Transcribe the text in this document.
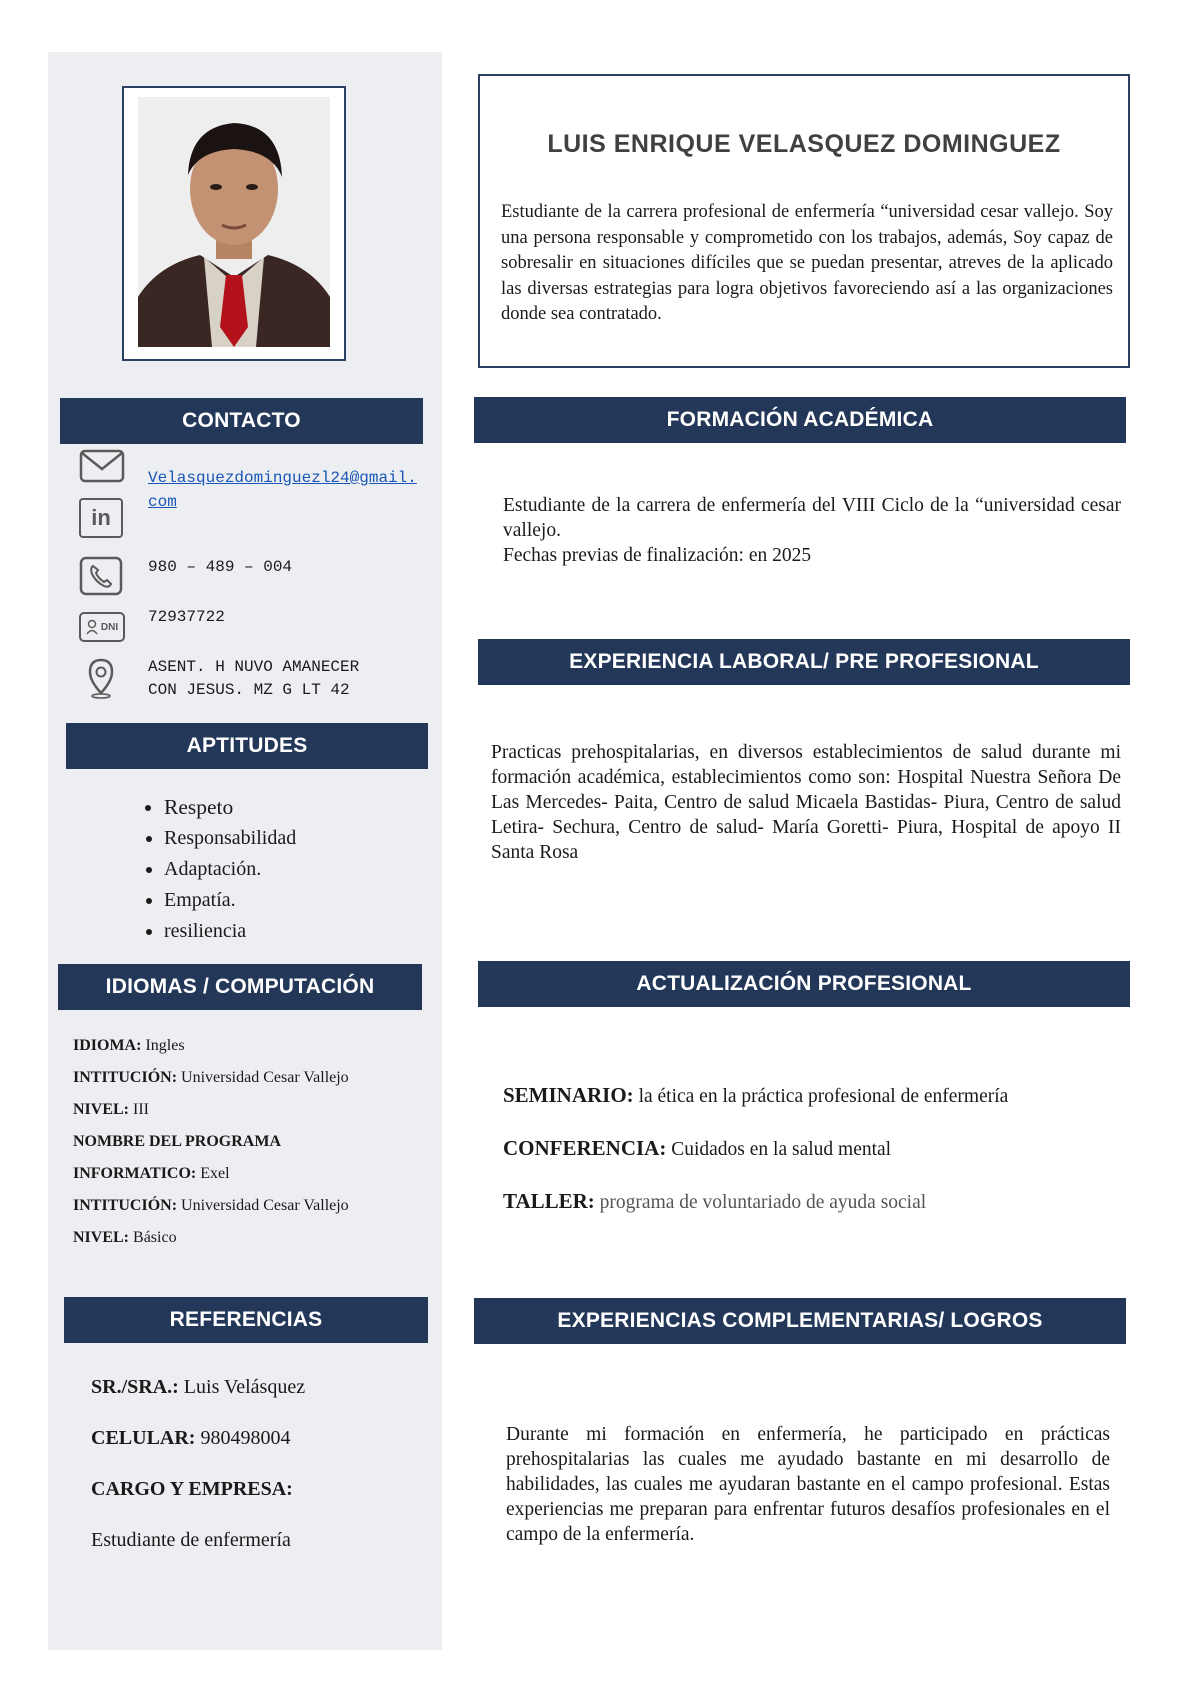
CONTACTO
Velasquezdominguezl24@gmail.com
in
980 – 489 – 004
DNI
72937722
ASENT. H NUVO AMANECER
CON JESUS. MZ G LT 42
APTITUDES
• Respeto
• Responsabilidad
• Adaptación.
• Empatía.
• resiliencia
IDIOMAS / COMPUTACIÓN

IDIOMA: Ingles

INTITUCIÓN: Universidad Cesar Vallejo

NIVEL: III

NOMBRE DEL PROGRAMA

INFORMATICO: Exel

INTITUCIÓN: Universidad Cesar Vallejo

NIVEL: Básico

REFERENCIAS

SR./SRA.: Luis Velásquez

CELULAR: 980498004

CARGO Y EMPRESA:

Estudiante de enfermería

LUIS ENRIQUE VELASQUEZ DOMINGUEZ
Estudiante de la carrera profesional de enfermería “universidad cesar vallejo. Soy una persona responsable y comprometido con los trabajos, además, Soy capaz de sobresalir en situaciones difíciles que se puedan presentar, atreves de la aplicado las diversas estrategias para logra objetivos favoreciendo así a las organizaciones donde sea contratado.
FORMACIÓN ACADÉMICA
Estudiante de la carrera de enfermería del VIII Ciclo de la “universidad cesar vallejo.
Fechas previas de finalización: en 2025
EXPERIENCIA LABORAL/ PRE PROFESIONAL
Practicas prehospitalarias, en diversos establecimientos de salud durante mi formación académica, establecimientos como son: Hospital Nuestra Señora De Las Mercedes- Paita, Centro de salud Micaela Bastidas- Piura, Centro de salud Letira- Sechura, Centro de salud- María Goretti- Piura, Hospital de apoyo II Santa Rosa
ACTUALIZACIÓN PROFESIONAL
SEMINARIO: la ética en la práctica profesional de enfermería
CONFERENCIA: Cuidados en la salud mental
TALLER: programa de voluntariado de ayuda social
EXPERIENCIAS COMPLEMENTARIAS/ LOGROS
Durante mi formación en enfermería, he participado en prácticas prehospitalarias las cuales me ayudado bastante en mi desarrollo de habilidades, las cuales me ayudaran bastante en el campo profesional. Estas experiencias me preparan para enfrentar futuros desafíos profesionales en el campo de la enfermería.
